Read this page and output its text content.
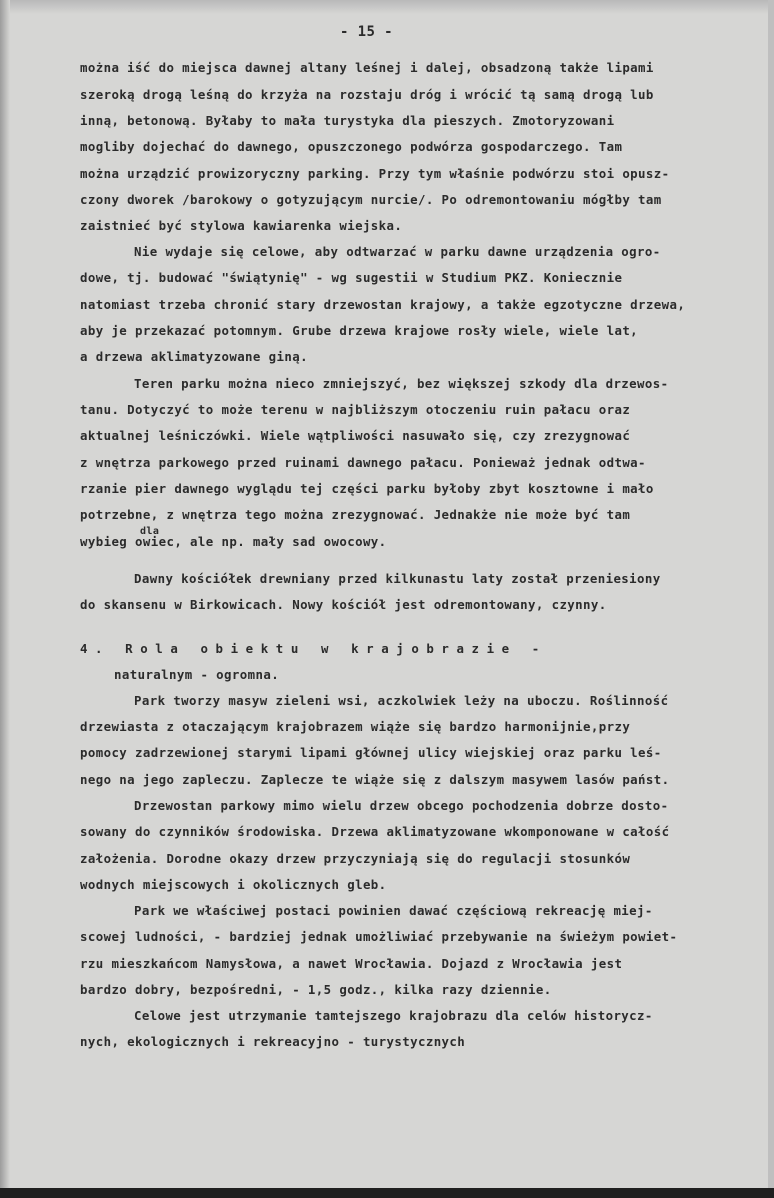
- 15 -
można iść do miejsca dawnej altany leśnej i dalej, obsadzoną także lipami
szeroką drogą leśną do krzyża na rozstaju dróg i wrócić tą samą drogą lub
inną, betonową. Byłaby to mała turystyka dla pieszych. Zmotoryzowani
mogliby dojechać do dawnego, opuszczonego podwórza gospodarczego. Tam
można urządzić prowizoryczny parking. Przy tym właśnie podwórzu stoi opusz-
czony dworek /barokowy o gotyzującym nurcie/. Po odremontowaniu mógłby tam
zaistnieć być stylowa kawiarenka wiejska.
Nie wydaje się celowe, aby odtwarzać w parku dawne urządzenia ogro-
dowe, tj. budować "świątynię" - wg sugestii w Studium PKZ. Koniecznie
natomiast trzeba chronić stary drzewostan krajowy, a także egzotyczne drzewa,
aby je przekazać potomnym. Grube drzewa krajowe rosły wiele, wiele lat,
a drzewa aklimatyzowane giną.
Teren parku można nieco zmniejszyć, bez większej szkody dla drzewos-
tanu. Dotyczyć to może terenu w najbliższym otoczeniu ruin pałacu oraz
aktualnej leśniczówki. Wiele wątpliwości nasuwało się, czy zrezygnować
z wnętrza parkowego przed ruinami dawnego pałacu. Ponieważ jednak odtwa-
rzanie pier dawnego wyglądu tej części parku byłoby zbyt kosztowne i mało
potrzebne, z wnętrza tego można zrezygnować. Jednakże nie może być tam
dla
wybieg owiec, ale np. mały sad owocowy.
Dawny kościółek drewniany przed kilkunastu laty został przeniesiony
do skansenu w Birkowicach. Nowy kościół jest odremontowany, czynny.
4. Rola obiektu w krajobrazie -
naturalnym - ogromna.
Park tworzy masyw zieleni wsi, aczkolwiek leży na uboczu. Roślinność
drzewiasta z otaczającym krajobrazem wiąże się bardzo harmonijnie,przy
pomocy zadrzewionej starymi lipami głównej ulicy wiejskiej oraz parku leś-
nego na jego zapleczu. Zaplecze te wiąże się z dalszym masywem lasów państ.
Drzewostan parkowy mimo wielu drzew obcego pochodzenia dobrze dosto-
sowany do czynników środowiska. Drzewa aklimatyzowane wkomponowane w całość
założenia. Dorodne okazy drzew przyczyniają się do regulacji stosunków
wodnych miejscowych i okolicznych gleb.
Park we właściwej postaci powinien dawać częściową rekreację miej-
scowej ludności, - bardziej jednak umożliwiać przebywanie na świeżym powiet-
rzu mieszkańcom Namysłowa, a nawet Wrocławia. Dojazd z Wrocławia jest
bardzo dobry, bezpośredni, - 1,5 godz., kilka razy dziennie.
Celowe jest utrzymanie tamtejszego krajobrazu dla celów historycz-
nych, ekologicznych i rekreacyjno - turystycznych
